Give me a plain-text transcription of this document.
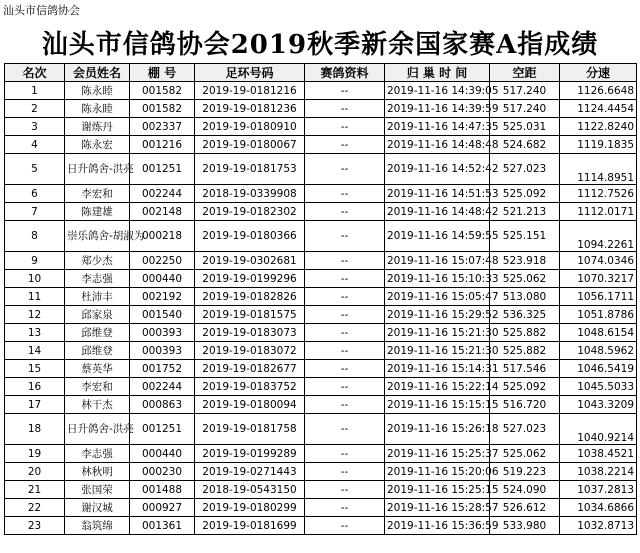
汕头市信鸽协会
汕头市信鸽协会2019秋季新余国家赛A指成绩
名次	会员姓名	棚 号	足环号码	赛鸽资料	归 巢 时 间	空距	分速
1	陈永睦	001582	2019-19-0181216	--	2019-11-16 14:39:05	517.240	1126.6648
2	陈永睦	001582	2019-19-0181236	--	2019-11-16 14:39:59	517.240	1124.4454
3	谢炼丹	002337	2019-19-0180910	--	2019-11-16 14:47:35	525.031	1122.8240
4	陈永宏	001216	2019-19-0180067	--	2019-11-16 14:48:48	524.682	1119.1835
5	日升鸽舍-洪亮	001251	2019-19-0181753	--	2019-11-16 14:52:42	527.023	1114.8951
6	李宏和	002244	2018-19-0339908	--	2019-11-16 14:51:53	525.092	1112.7526
7	陈建雄	002148	2019-19-0182302	--	2019-11-16 14:48:42	521.213	1112.0171
8	崇乐鸽舍-胡淑为	000218	2019-19-0180366	--	2019-11-16 14:59:55	525.151	1094.2261
9	郑少杰	002250	2019-19-0302681	--	2019-11-16 15:07:48	523.918	1074.0346
10	李志强	000440	2019-19-0199296	--	2019-11-16 15:10:33	525.062	1070.3217
11	杜沛丰	002192	2019-19-0182826	--	2019-11-16 15:05:47	513.080	1056.1711
12	邱家泉	001540	2019-19-0181575	--	2019-11-16 15:29:52	536.325	1051.8786
13	邱维登	000393	2019-19-0183073	--	2019-11-16 15:21:30	525.882	1048.6154
14	邱维登	000393	2019-19-0183072	--	2019-11-16 15:21:30	525.882	1048.5962
15	蔡英华	001752	2019-19-0182677	--	2019-11-16 15:14:31	517.546	1046.5419
16	李宏和	002244	2019-19-0183752	--	2019-11-16 15:22:14	525.092	1045.5033
17	林干杰	000863	2019-19-0180094	--	2019-11-16 15:15:15	516.720	1043.3209
18	日升鸽舍-洪亮	001251	2019-19-0181758	--	2019-11-16 15:26:18	527.023	1040.9214
19	李志强	000440	2019-19-0199289	--	2019-11-16 15:25:37	525.062	1038.4521
20	林秋明	000230	2019-19-0271443	--	2019-11-16 15:20:06	519.223	1038.2214
21	张国荣	001488	2018-19-0543150	--	2019-11-16 15:25:15	524.090	1037.2813
22	谢汉城	000927	2019-19-0180299	--	2019-11-16 15:28:57	526.612	1034.6866
23	翁筑绵	001361	2019-19-0181699	--	2019-11-16 15:36:59	533.980	1032.8713
